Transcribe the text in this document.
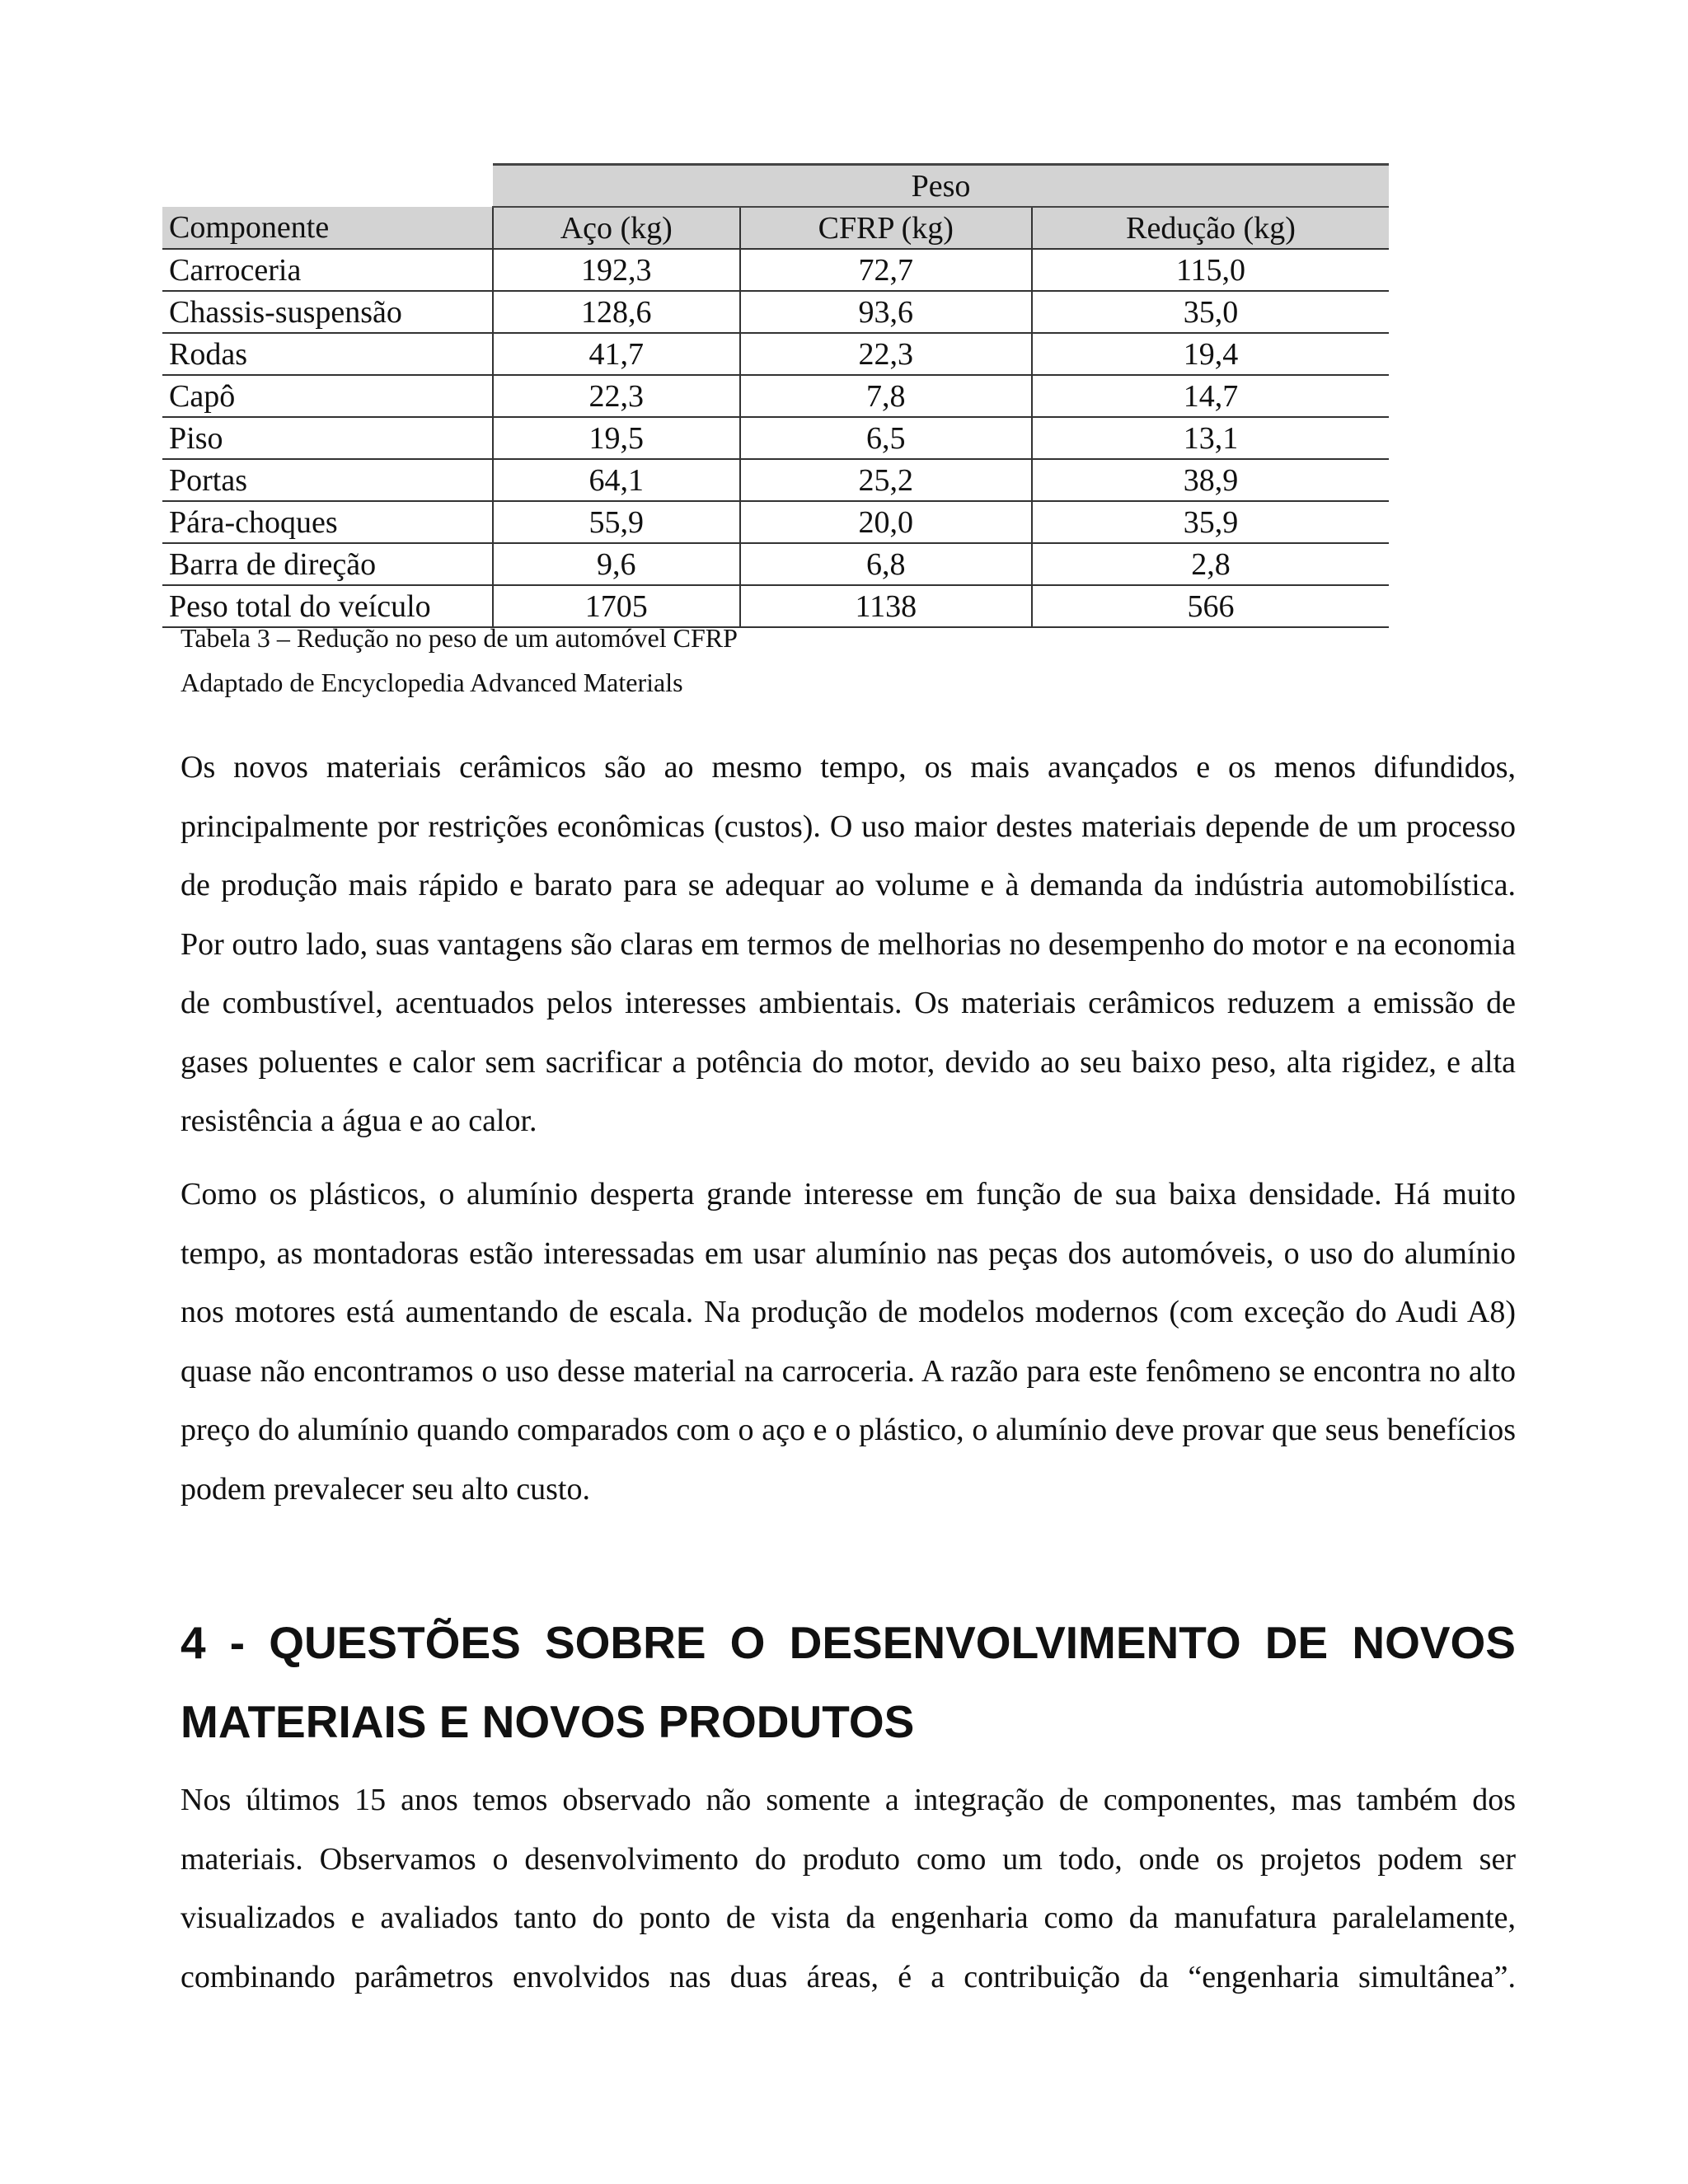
	Peso		
Componente	Aço (kg)	CFRP (kg)	Redução (kg)
Carroceria	192,3	72,7	115,0
Chassis-suspensão	128,6	93,6	35,0
Rodas	41,7	22,3	19,4
Capô	22,3	7,8	14,7
Piso	19,5	6,5	13,1
Portas	64,1	25,2	38,9
Pára-choques	55,9	20,0	35,9
Barra de direção	9,6	6,8	2,8
Peso total do veículo	1705	1138	566
Tabela 3 – Redução no peso de um automóvel CFRP
Adaptado de Encyclopedia Advanced Materials

Os novos materiais cerâmicos são ao mesmo tempo, os mais avançados e os menos difundidos, principalmente por restrições econômicas (custos). O uso maior destes materiais depende de um processo de produção mais rápido e barato para se adequar ao volume e à demanda da indústria automobilística. Por outro lado, suas vantagens são claras em termos de melhorias no desempenho do motor e na economia de combustível, acentuados pelos interesses ambientais. Os materiais cerâmicos reduzem a emissão de gases poluentes e calor sem sacrificar a potência do motor, devido ao seu baixo peso, alta rigidez, e alta resistência a água e ao calor.

Como os plásticos, o alumínio desperta grande interesse em função de sua baixa densidade. Há muito tempo, as montadoras estão interessadas em usar alumínio nas peças dos automóveis, o uso do alumínio nos motores está aumentando de escala. Na produção de modelos modernos (com exceção do Audi A8) quase não encontramos o uso desse material na carroceria. A razão para este fenômeno se encontra no alto preço do alumínio quando comparados com o aço e o plástico, o alumínio deve provar que seus benefícios podem prevalecer seu alto custo.

4 - QUESTÕES SOBRE O DESENVOLVIMENTO DE NOVOS MATERIAIS E NOVOS PRODUTOS

Nos últimos 15 anos temos observado não somente a integração de componentes, mas também dos materiais. Observamos o desenvolvimento do produto como um todo, onde os projetos podem ser visualizados e avaliados tanto do ponto de vista da engenharia como da manufatura paralelamente, combinando parâmetros envolvidos nas duas áreas, é a contribuição da “engenharia simultânea”.
